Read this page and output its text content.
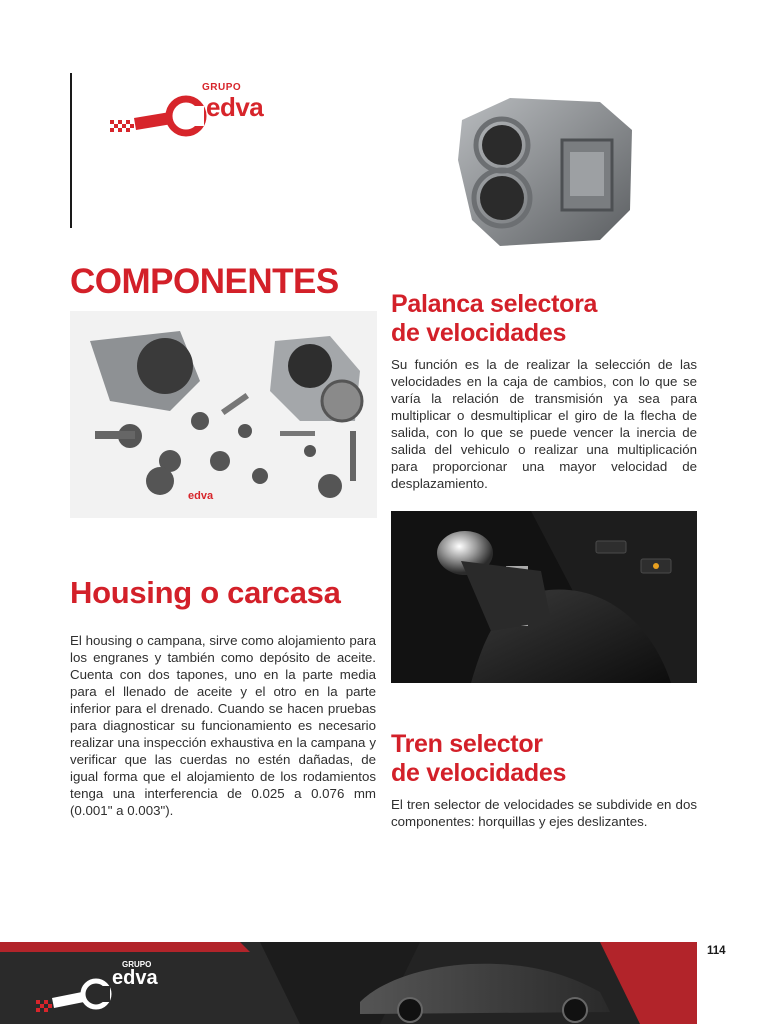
GRUPO
edva
COMPONENTES
edva
Palanca selectora
de velocidades

Su función es la de realizar la selección de las velocidades en la caja de cambios, con lo que se varía la relación de transmisión ya sea para multiplicar o desmultiplicar el giro de la flecha de salida, con lo que se puede vencer la inercia de salida del vehiculo o realizar una multiplicación para proporcionar una mayor velocidad de desplazamiento.

Housing o carcasa

El housing o campana, sirve como alojamiento para los engranes y también como depósito de aceite. Cuenta con dos tapones, uno en la parte media para el llenado de aceite y el otro en la parte inferior para el drenado. Cuando se hacen pruebas para diagnosticar su funcionamiento es necesario realizar una inspección exhaustiva en la campana y verificar que las cuerdas no estén dañadas, de igual forma que el alojamiento de los rodamientos tenga una interferencia de 0.025 a 0.076 mm (0.001" a 0.003").

Tren selector
de velocidades

El tren selector de velocidades se subdivide en dos componentes: horquillas y ejes deslizantes.

GRUPO
edva
114
